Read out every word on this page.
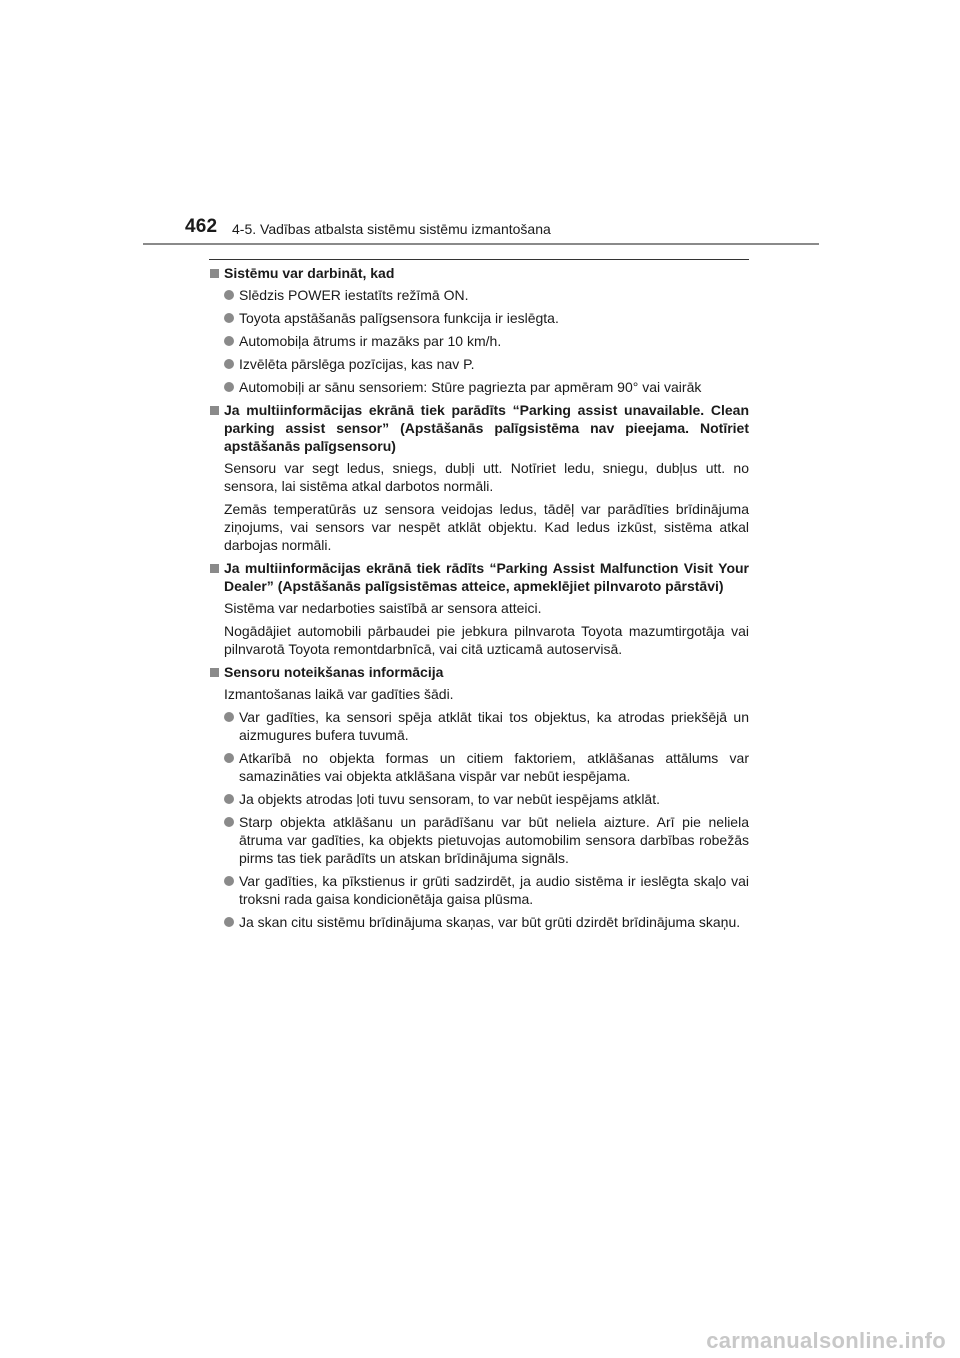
462 4-5. Vadības atbalsta sistēmu sistēmu izmantošana
Sistēmu var darbināt, kad
Slēdzis POWER iestatīts režīmā ON.
Toyota apstāšanās palīgsensora funkcija ir ieslēgta.
Automobiļa ātrums ir mazāks par 10 km/h.
Izvēlēta pārslēga pozīcijas, kas nav P.
Automobiļi ar sānu sensoriem: Stūre pagriezta par apmēram 90° vai vairāk
Ja multiinformācijas ekrānā tiek parādīts “Parking assist unavailable. Clean parking assist sensor” (Apstāšanās palīgsistēma nav pieejama. Notīriet apstāšanās palīgsensoru)
Sensoru var segt ledus, sniegs, dubļi utt. Notīriet ledu, sniegu, dubļus utt. no sensora, lai sistēma atkal darbotos normāli.
Zemās temperatūrās uz sensora veidojas ledus, tādēļ var parādīties brīdinājuma ziņojums, vai sensors var nespēt atklāt objektu. Kad ledus izkūst, sistēma atkal darbojas normāli.
Ja multiinformācijas ekrānā tiek rādīts “Parking Assist Malfunction Visit Your Dealer” (Apstāšanās palīgsistēmas atteice, apmeklējiet pilnvaroto pārstāvi)
Sistēma var nedarboties saistībā ar sensora atteici.
Nogādājiet automobili pārbaudei pie jebkura pilnvarota Toyota mazumtirgotāja vai pilnvarotā Toyota remontdarbnīcā, vai citā uzticamā autoservisā.
Sensoru noteikšanas informācija
Izmantošanas laikā var gadīties šādi.
Var gadīties, ka sensori spēja atklāt tikai tos objektus, ka atrodas priekšējā un aizmugures bufera tuvumā.
Atkarībā no objekta formas un citiem faktoriem, atklāšanas attālums var samazināties vai objekta atklāšana vispār var nebūt iespējama.
Ja objekts atrodas ļoti tuvu sensoram, to var nebūt iespējams atklāt.
Starp objekta atklāšanu un parādīšanu var būt neliela aizture. Arī pie neliela ātruma var gadīties, ka objekts pietuvojas automobilim sensora darbības robežās pirms tas tiek parādīts un atskan brīdinājuma signāls.
Var gadīties, ka pīkstienus ir grūti sadzirdēt, ja audio sistēma ir ieslēgta skaļo vai troksni rada gaisa kondicionētāja gaisa plūsma.
Ja skan citu sistēmu brīdinājuma skaņas, var būt grūti dzirdēt brīdinājuma skaņu.
carmanualsonline.info
